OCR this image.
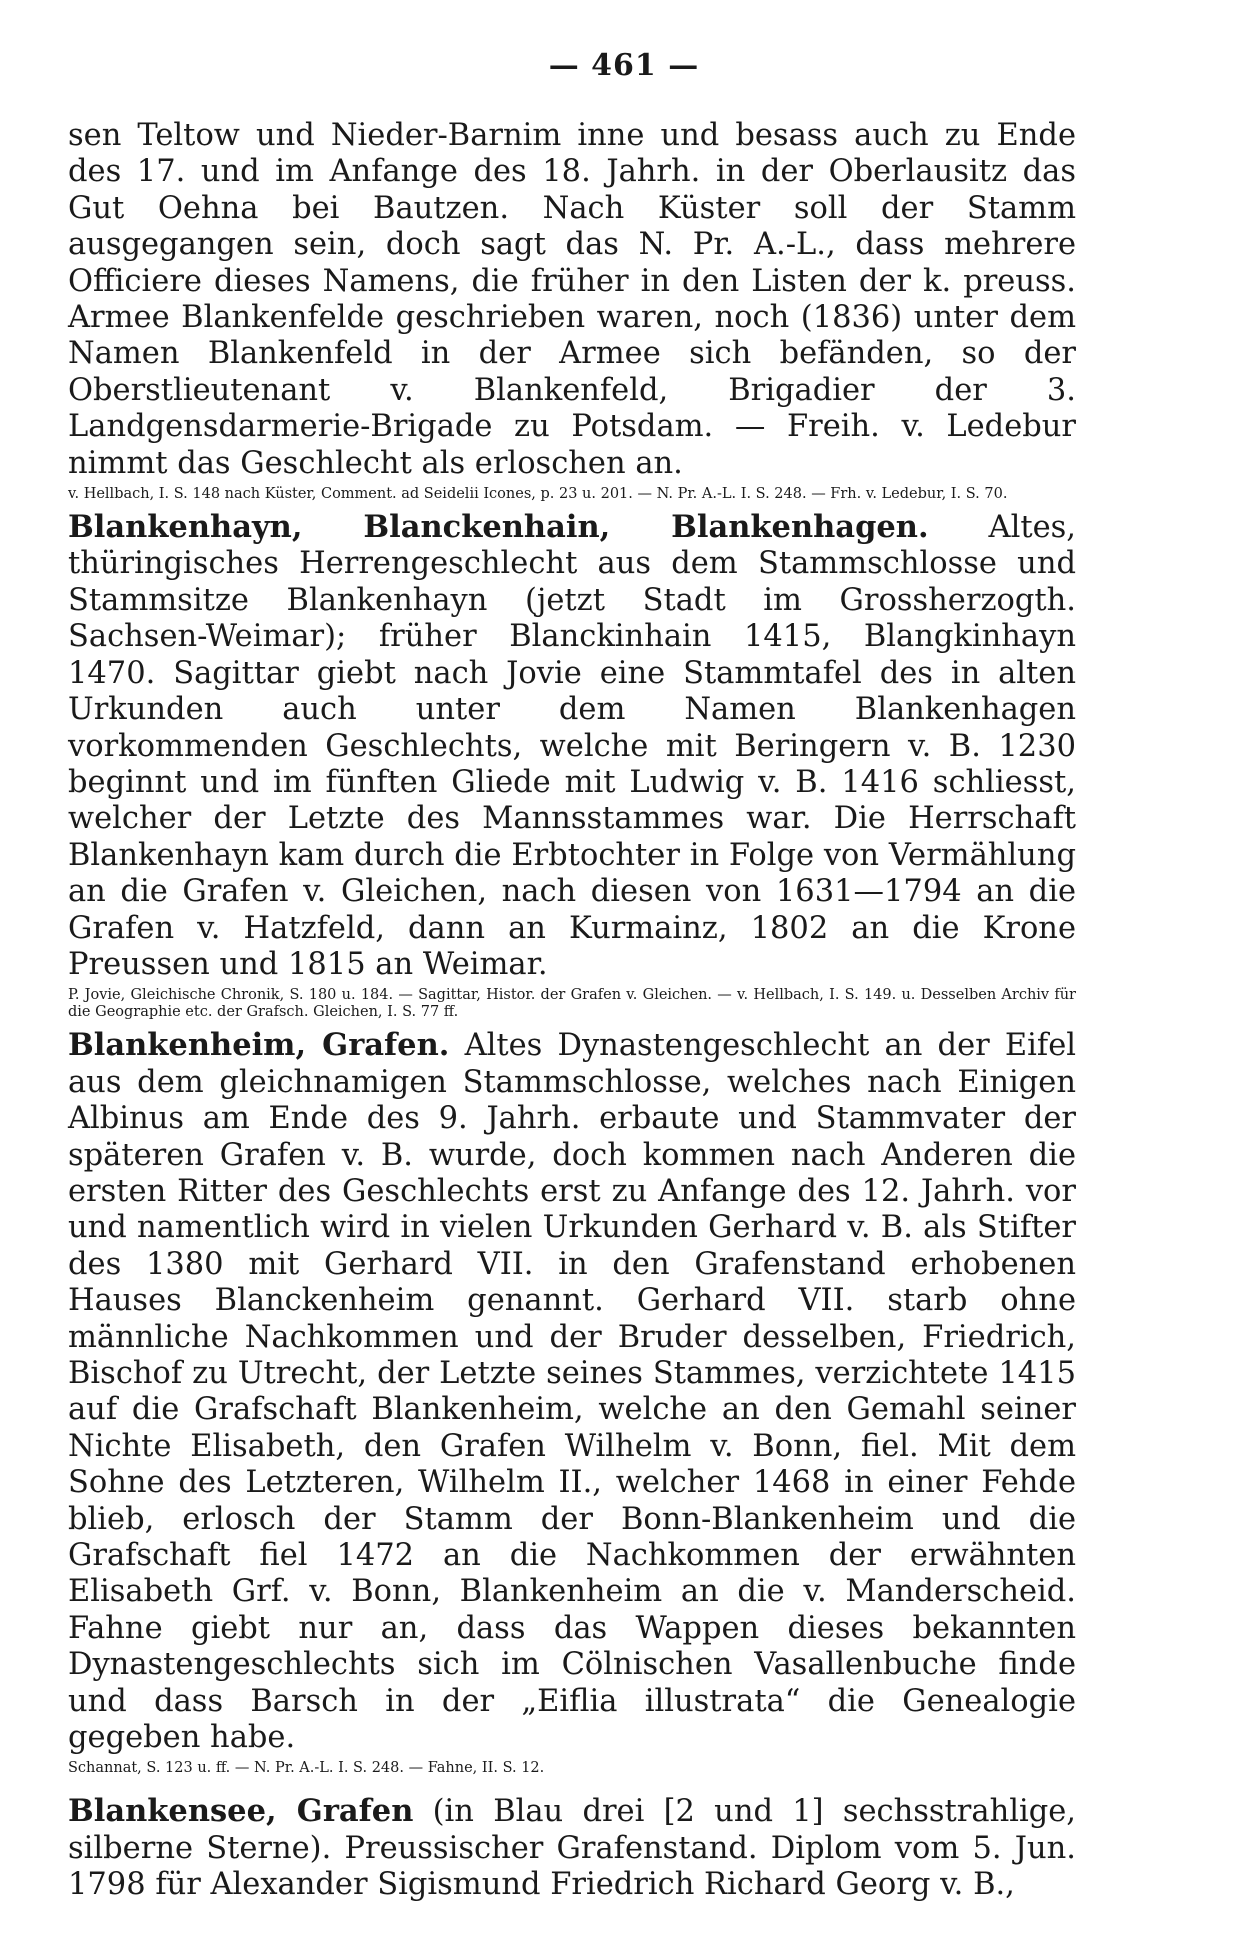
— 461 —

sen Teltow und Nieder-Barnim inne und besass auch zu Ende des 17. und im Anfange des 18. Jahrh. in der Oberlausitz das Gut Oehna bei Bautzen. Nach Küster soll der Stamm ausgegangen sein, doch sagt das N. Pr. A.-L., dass mehrere Officiere dieses Namens, die früher in den Listen der k. preuss. Armee Blankenfelde geschrieben waren, noch (1836) unter dem Namen Blankenfeld in der Armee sich befänden, so der Oberstlieutenant v. Blankenfeld, Brigadier der 3. Landgensdarmerie-Brigade zu Potsdam. — Freih. v. Ledebur nimmt das Geschlecht als erloschen an.

v. Hellbach, I. S. 148 nach Küster, Comment. ad Seidelii Icones, p. 23 u. 201. — N. Pr. A.-L. I. S. 248. — Frh. v. Ledebur, I. S. 70.

Blankenhayn, Blanckenhain, Blankenhagen. Altes, thüringisches Herrengeschlecht aus dem Stammschlosse und Stammsitze Blankenhayn (jetzt Stadt im Grossherzogth. Sachsen-Weimar); früher Blanckinhain 1415, Blangkinhayn 1470. Sagittar giebt nach Jovie eine Stammtafel des in alten Urkunden auch unter dem Namen Blankenhagen vorkommenden Geschlechts, welche mit Beringern v. B. 1230 beginnt und im fünften Gliede mit Ludwig v. B. 1416 schliesst, welcher der Letzte des Mannsstammes war. Die Herrschaft Blankenhayn kam durch die Erbtochter in Folge von Vermählung an die Grafen v. Gleichen, nach diesen von 1631—1794 an die Grafen v. Hatzfeld, dann an Kurmainz, 1802 an die Krone Preussen und 1815 an Weimar.

P. Jovie, Gleichische Chronik, S. 180 u. 184. — Sagittar, Histor. der Grafen v. Gleichen. — v. Hellbach, I. S. 149. u. Desselben Archiv für die Geographie etc. der Grafsch. Gleichen, I. S. 77 ff.

Blankenheim, Grafen. Altes Dynastengeschlecht an der Eifel aus dem gleichnamigen Stammschlosse, welches nach Einigen Albinus am Ende des 9. Jahrh. erbaute und Stammvater der späteren Grafen v. B. wurde, doch kommen nach Anderen die ersten Ritter des Geschlechts erst zu Anfange des 12. Jahrh. vor und namentlich wird in vielen Urkunden Gerhard v. B. als Stifter des 1380 mit Gerhard VII. in den Grafenstand erhobenen Hauses Blanckenheim genannt. Gerhard VII. starb ohne männliche Nachkommen und der Bruder desselben, Friedrich, Bischof zu Utrecht, der Letzte seines Stammes, verzichtete 1415 auf die Grafschaft Blankenheim, welche an den Gemahl seiner Nichte Elisabeth, den Grafen Wilhelm v. Bonn, fiel. Mit dem Sohne des Letzteren, Wilhelm II., welcher 1468 in einer Fehde blieb, erlosch der Stamm der Bonn-Blankenheim und die Grafschaft fiel 1472 an die Nachkommen der erwähnten Elisabeth Grf. v. Bonn, Blankenheim an die v. Manderscheid. Fahne giebt nur an, dass das Wappen dieses bekannten Dynastengeschlechts sich im Cölnischen Vasallenbuche finde und dass Barsch in der „Eiflia illustrata“ die Genealogie gegeben habe.

Schannat, S. 123 u. ff. — N. Pr. A.-L. I. S. 248. — Fahne, II. S. 12.

Blankensee, Grafen (in Blau drei [2 und 1] sechsstrahlige, silberne Sterne). Preussischer Grafenstand. Diplom vom 5. Jun. 1798 für Alexander Sigismund Friedrich Richard Georg v. B.,
